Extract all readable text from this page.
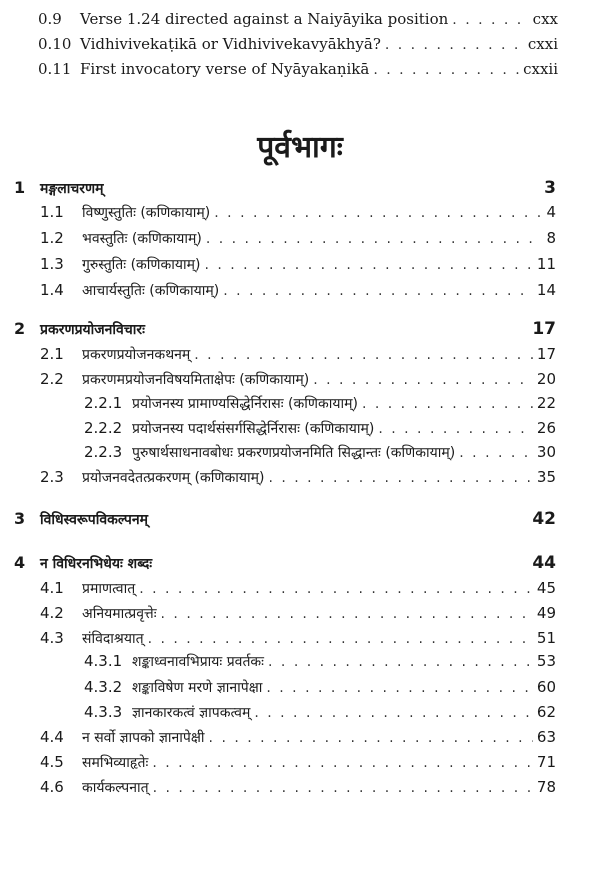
0.9	Verse 1.24 directed against a Naiyāyika position . . .	cxx
0.10 Vidhivivekaṭikā or Vidhivivekavyākhyā? . . .	cxxi
0.11 First invocatory verse of Nyāyakaṇikā . . .	cxxii
पूर्वभागः
1	मङ्गलाचरणम्	3
1.1	विष्णुस्तुतिः (कणिकायाम्) . . .	4
1.2	भवस्तुतिः (कणिकायाम्) . . .	8
1.3	गुरुस्तुतिः (कणिकायाम्) . . .	11
1.4	आचार्यस्तुतिः (कणिकायाम्) . . .	14
2	प्रकरणप्रयोजनविचारः	17
2.1	प्रकरणप्रयोजनकथनम् . . .	17
2.2	प्रकरणमप्रयोजनविषयमिताक्षेपः (कणिकायाम्) . . .	20
2.2.1 प्रयोजनस्य प्रामाण्यसिद्धेर्निरासः (कणिकायाम्) . . .	22
2.2.2 प्रयोजनस्य पदार्थसंसर्गसिद्धेर्निरासः (कणिकायाम्) . . .	26
2.2.3 पुरुषार्थसाधनावबोधः प्रकरणप्रयोजनमिति सिद्धान्तः (कणिकायाम्) . . .	30
2.3	प्रयोजनवदेतत्प्रकरणम् (कणिकायाम्) . . .	35
3	विधिस्वरूपविकल्पनम्	42
4	न विधिरनभिधेयः शब्दः	44
4.1	प्रमाणत्वात् . . .	45
4.2	अनियमात्प्रवृत्तेः . . .	49
4.3	संविदाश्रयात् . . .	51
4.3.1 शङ्काध्वनावभिप्रायः प्रवर्तकः . . .	53
4.3.2 शङ्काविषेण मरणे ज्ञानापेक्षा . . .	60
4.3.3 ज्ञानकारकत्वं ज्ञापकत्वम् . . .	62
4.4	न सर्वो ज्ञापको ज्ञानापेक्षी . . .	63
4.5	समभिव्याहृतेः . . .	71
4.6	कार्यकल्पनात् . . .	78
